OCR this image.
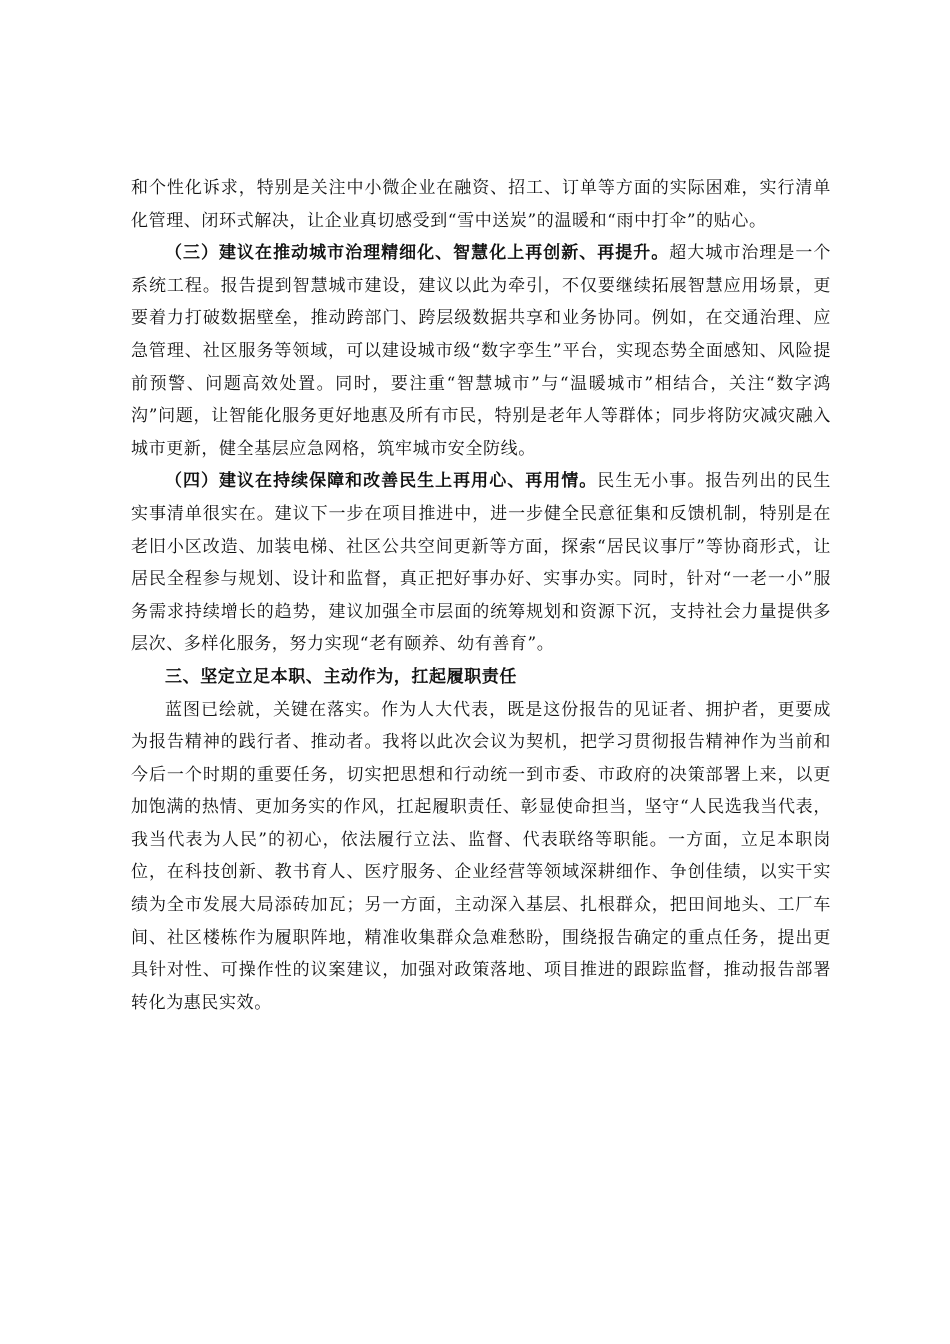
和个性化诉求，特别是关注中小微企业在融资、招工、订单等方面的实际困难，实行清单化管理、闭环式解决，让企业真切感受到“雪中送炭”的温暖和“雨中打伞”的贴心。

（三）建议在推动城市治理精细化、智慧化上再创新、再提升。超大城市治理是一个系统工程。报告提到智慧城市建设，建议以此为牵引，不仅要继续拓展智慧应用场景，更要着力打破数据壁垒，推动跨部门、跨层级数据共享和业务协同。例如，在交通治理、应急管理、社区服务等领域，可以建设城市级“数字孪生”平台，实现态势全面感知、风险提前预警、问题高效处置。同时，要注重“智慧城市”与“温暖城市”相结合，关注“数字鸿沟”问题，让智能化服务更好地惠及所有市民，特别是老年人等群体；同步将防灾减灾融入城市更新，健全基层应急网格，筑牢城市安全防线。

（四）建议在持续保障和改善民生上再用心、再用情。民生无小事。报告列出的民生实事清单很实在。建议下一步在项目推进中，进一步健全民意征集和反馈机制，特别是在老旧小区改造、加装电梯、社区公共空间更新等方面，探索“居民议事厅”等协商形式，让居民全程参与规划、设计和监督，真正把好事办好、实事办实。同时，针对“一老一小”服务需求持续增长的趋势，建议加强全市层面的统筹规划和资源下沉，支持社会力量提供多层次、多样化服务，努力实现“老有颐养、幼有善育”。

三、坚定立足本职、主动作为，扛起履职责任

蓝图已绘就，关键在落实。作为人大代表，既是这份报告的见证者、拥护者，更要成为报告精神的践行者、推动者。我将以此次会议为契机，把学习贯彻报告精神作为当前和今后一个时期的重要任务，切实把思想和行动统一到市委、市政府的决策部署上来，以更加饱满的热情、更加务实的作风，扛起履职责任、彰显使命担当，坚守“人民选我当代表，我当代表为人民”的初心，依法履行立法、监督、代表联络等职能。一方面，立足本职岗位，在科技创新、教书育人、医疗服务、企业经营等领域深耕细作、争创佳绩，以实干实绩为全市发展大局添砖加瓦；另一方面，主动深入基层、扎根群众，把田间地头、工厂车间、社区楼栋作为履职阵地，精准收集群众急难愁盼，围绕报告确定的重点任务，提出更具针对性、可操作性的议案建议，加强对政策落地、项目推进的跟踪监督，推动报告部署转化为惠民实效。
